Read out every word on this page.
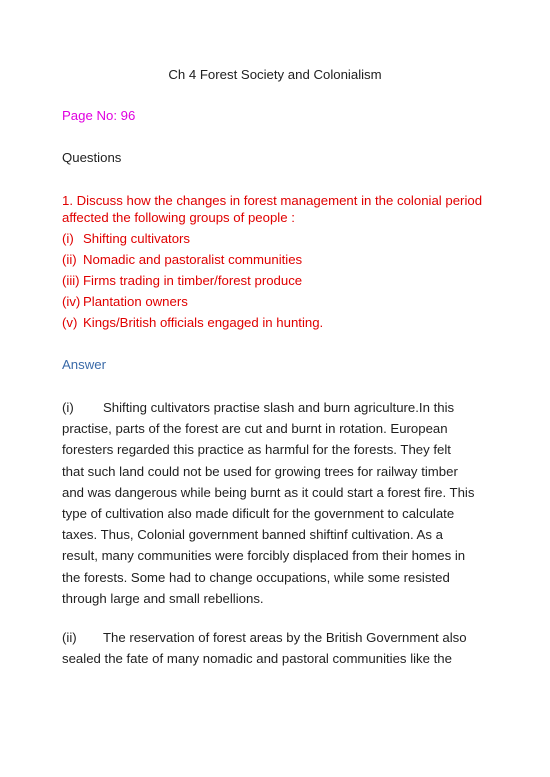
Ch 4 Forest Society and Colonialism
Page No: 96
Questions
1. Discuss how the changes in forest management in the colonial period
affected the following groups of people :
(i) Shifting cultivators
(ii) Nomadic and pastoralist communities
(iii) Firms trading in timber/forest produce
(iv) Plantation owners
(v) Kings/British officials engaged in hunting.
Answer
(i) Shifting cultivators practise slash and burn agriculture.In this
practise, parts of the forest are cut and burnt in rotation. European
foresters regarded this practice as harmful for the forests. They felt
that such land could not be used for growing trees for railway timber
and was dangerous while being burnt as it could start a forest fire. This
type of cultivation also made dificult for the government to calculate
taxes. Thus, Colonial government banned shiftinf cultivation. As a
result, many communities were forcibly displaced from their homes in
the forests. Some had to change occupations, while some resisted
through large and small rebellions.
(ii) The reservation of forest areas by the British Government also
sealed the fate of many nomadic and pastoral communities like the
